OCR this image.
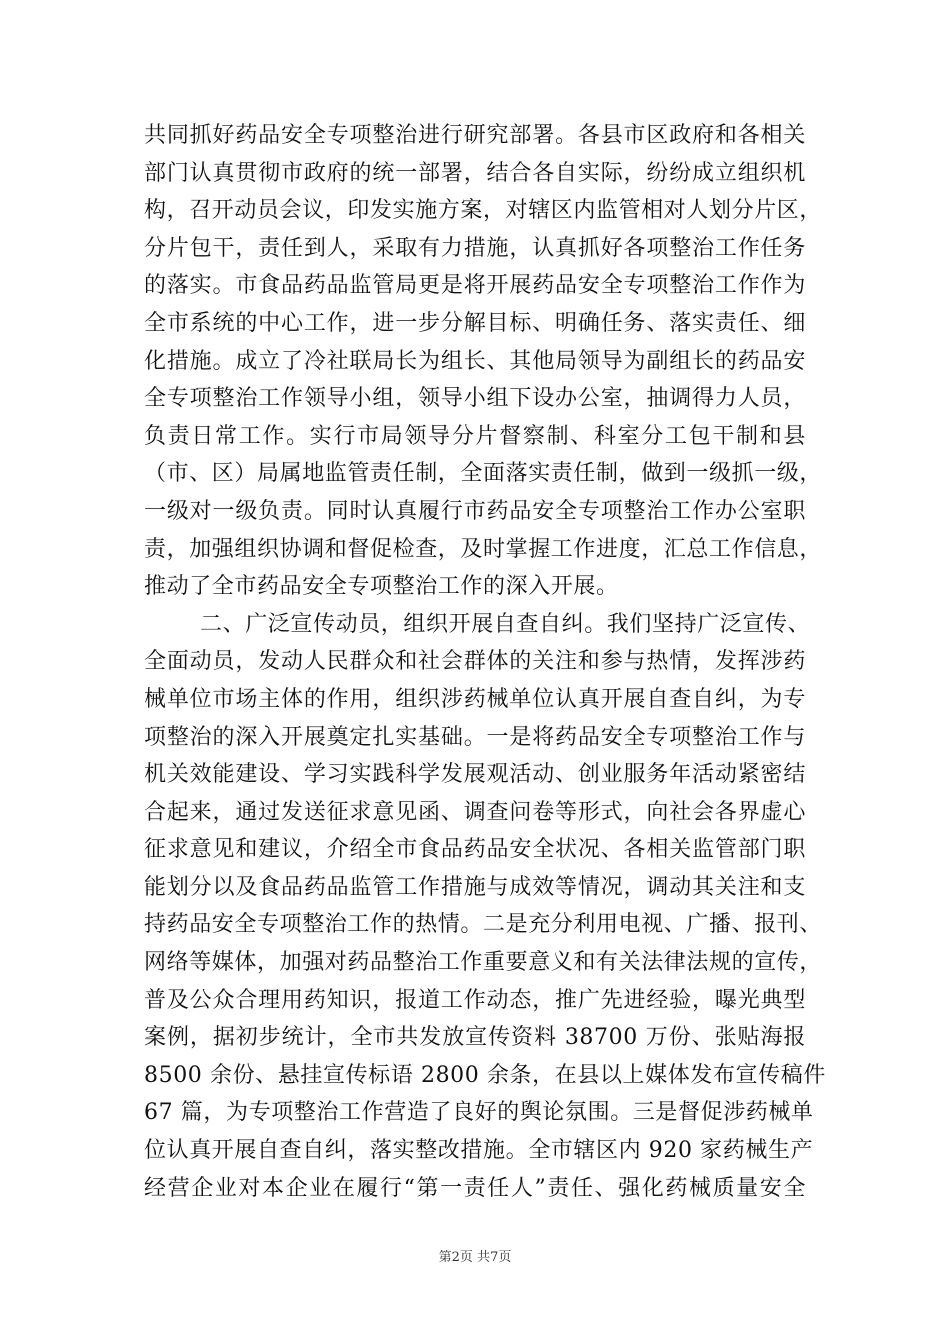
共同抓好药品安全专项整治进行研究部署。各县市区政府和各相关
部门认真贯彻市政府的统一部署，结合各自实际，纷纷成立组织机
构，召开动员会议，印发实施方案，对辖区内监管相对人划分片区，
分片包干，责任到人，采取有力措施，认真抓好各项整治工作任务
的落实。市食品药品监管局更是将开展药品安全专项整治工作作为
全市系统的中心工作，进一步分解目标、明确任务、落实责任、细
化措施。成立了冷社联局长为组长、其他局领导为副组长的药品安
全专项整治工作领导小组，领导小组下设办公室，抽调得力人员，
负责日常工作。实行市局领导分片督察制、科室分工包干制和县
（市、区）局属地监管责任制，全面落实责任制，做到一级抓一级，
一级对一级负责。同时认真履行市药品安全专项整治工作办公室职
责，加强组织协调和督促检查，及时掌握工作进度，汇总工作信息，
推动了全市药品安全专项整治工作的深入开展。
二、广泛宣传动员，组织开展自查自纠。我们坚持广泛宣传、
全面动员，发动人民群众和社会群体的关注和参与热情，发挥涉药
械单位市场主体的作用，组织涉药械单位认真开展自查自纠，为专
项整治的深入开展奠定扎实基础。一是将药品安全专项整治工作与
机关效能建设、学习实践科学发展观活动、创业服务年活动紧密结
合起来，通过发送征求意见函、调查问卷等形式，向社会各界虚心
征求意见和建议，介绍全市食品药品安全状况、各相关监管部门职
能划分以及食品药品监管工作措施与成效等情况，调动其关注和支
持药品安全专项整治工作的热情。二是充分利用电视、广播、报刊、
网络等媒体，加强对药品整治工作重要意义和有关法律法规的宣传，
普及公众合理用药知识，报道工作动态，推广先进经验，曝光典型
案例，据初步统计，全市共发放宣传资料 38700 万份、张贴海报
8500 余份、悬挂宣传标语 2800 余条，在县以上媒体发布宣传稿件
67 篇，为专项整治工作营造了良好的舆论氛围。三是督促涉药械单
位认真开展自查自纠，落实整改措施。全市辖区内 920 家药械生产
经营企业对本企业在履行“第一责任人”责任、强化药械质量安全
第2页 共7页
